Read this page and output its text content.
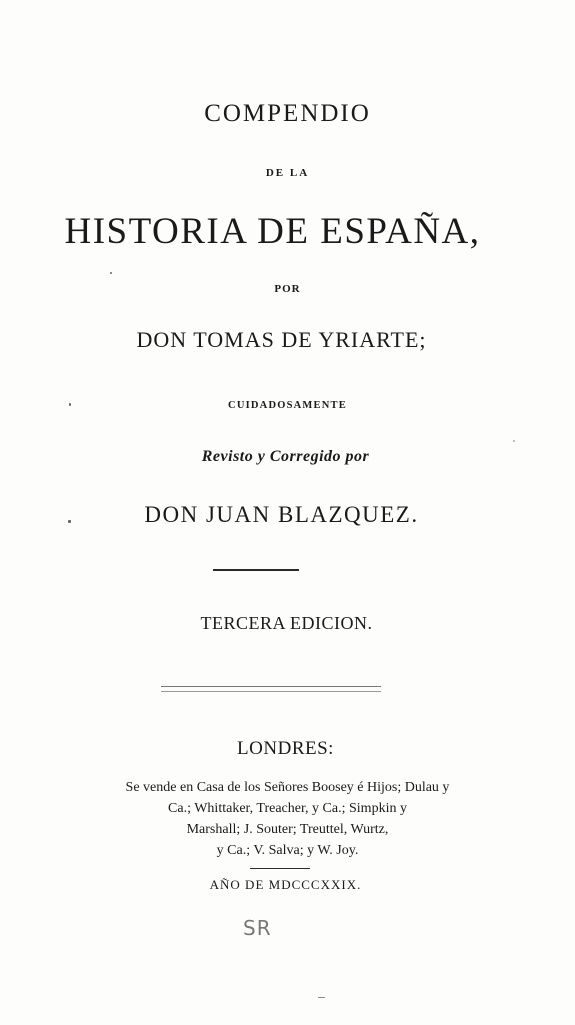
COMPENDIO
DE LA
HISTORIA DE ESPAÑA,
POR
DON TOMAS DE YRIARTE;
CUIDADOSAMENTE
Revisto y Corregido por
DON JUAN BLAZQUEZ.
TERCERA EDICION.
LONDRES:
Se vende en Casa de los Señores Boosey é Hijos; Dulau y
Ca.; Whittaker, Treacher, y Ca.; Simpkin y
Marshall; J. Souter; Treuttel, Wurtz,
y Ca.; V. Salva; y W. Joy.
AÑO DE MDCCCXXIX.
SR
